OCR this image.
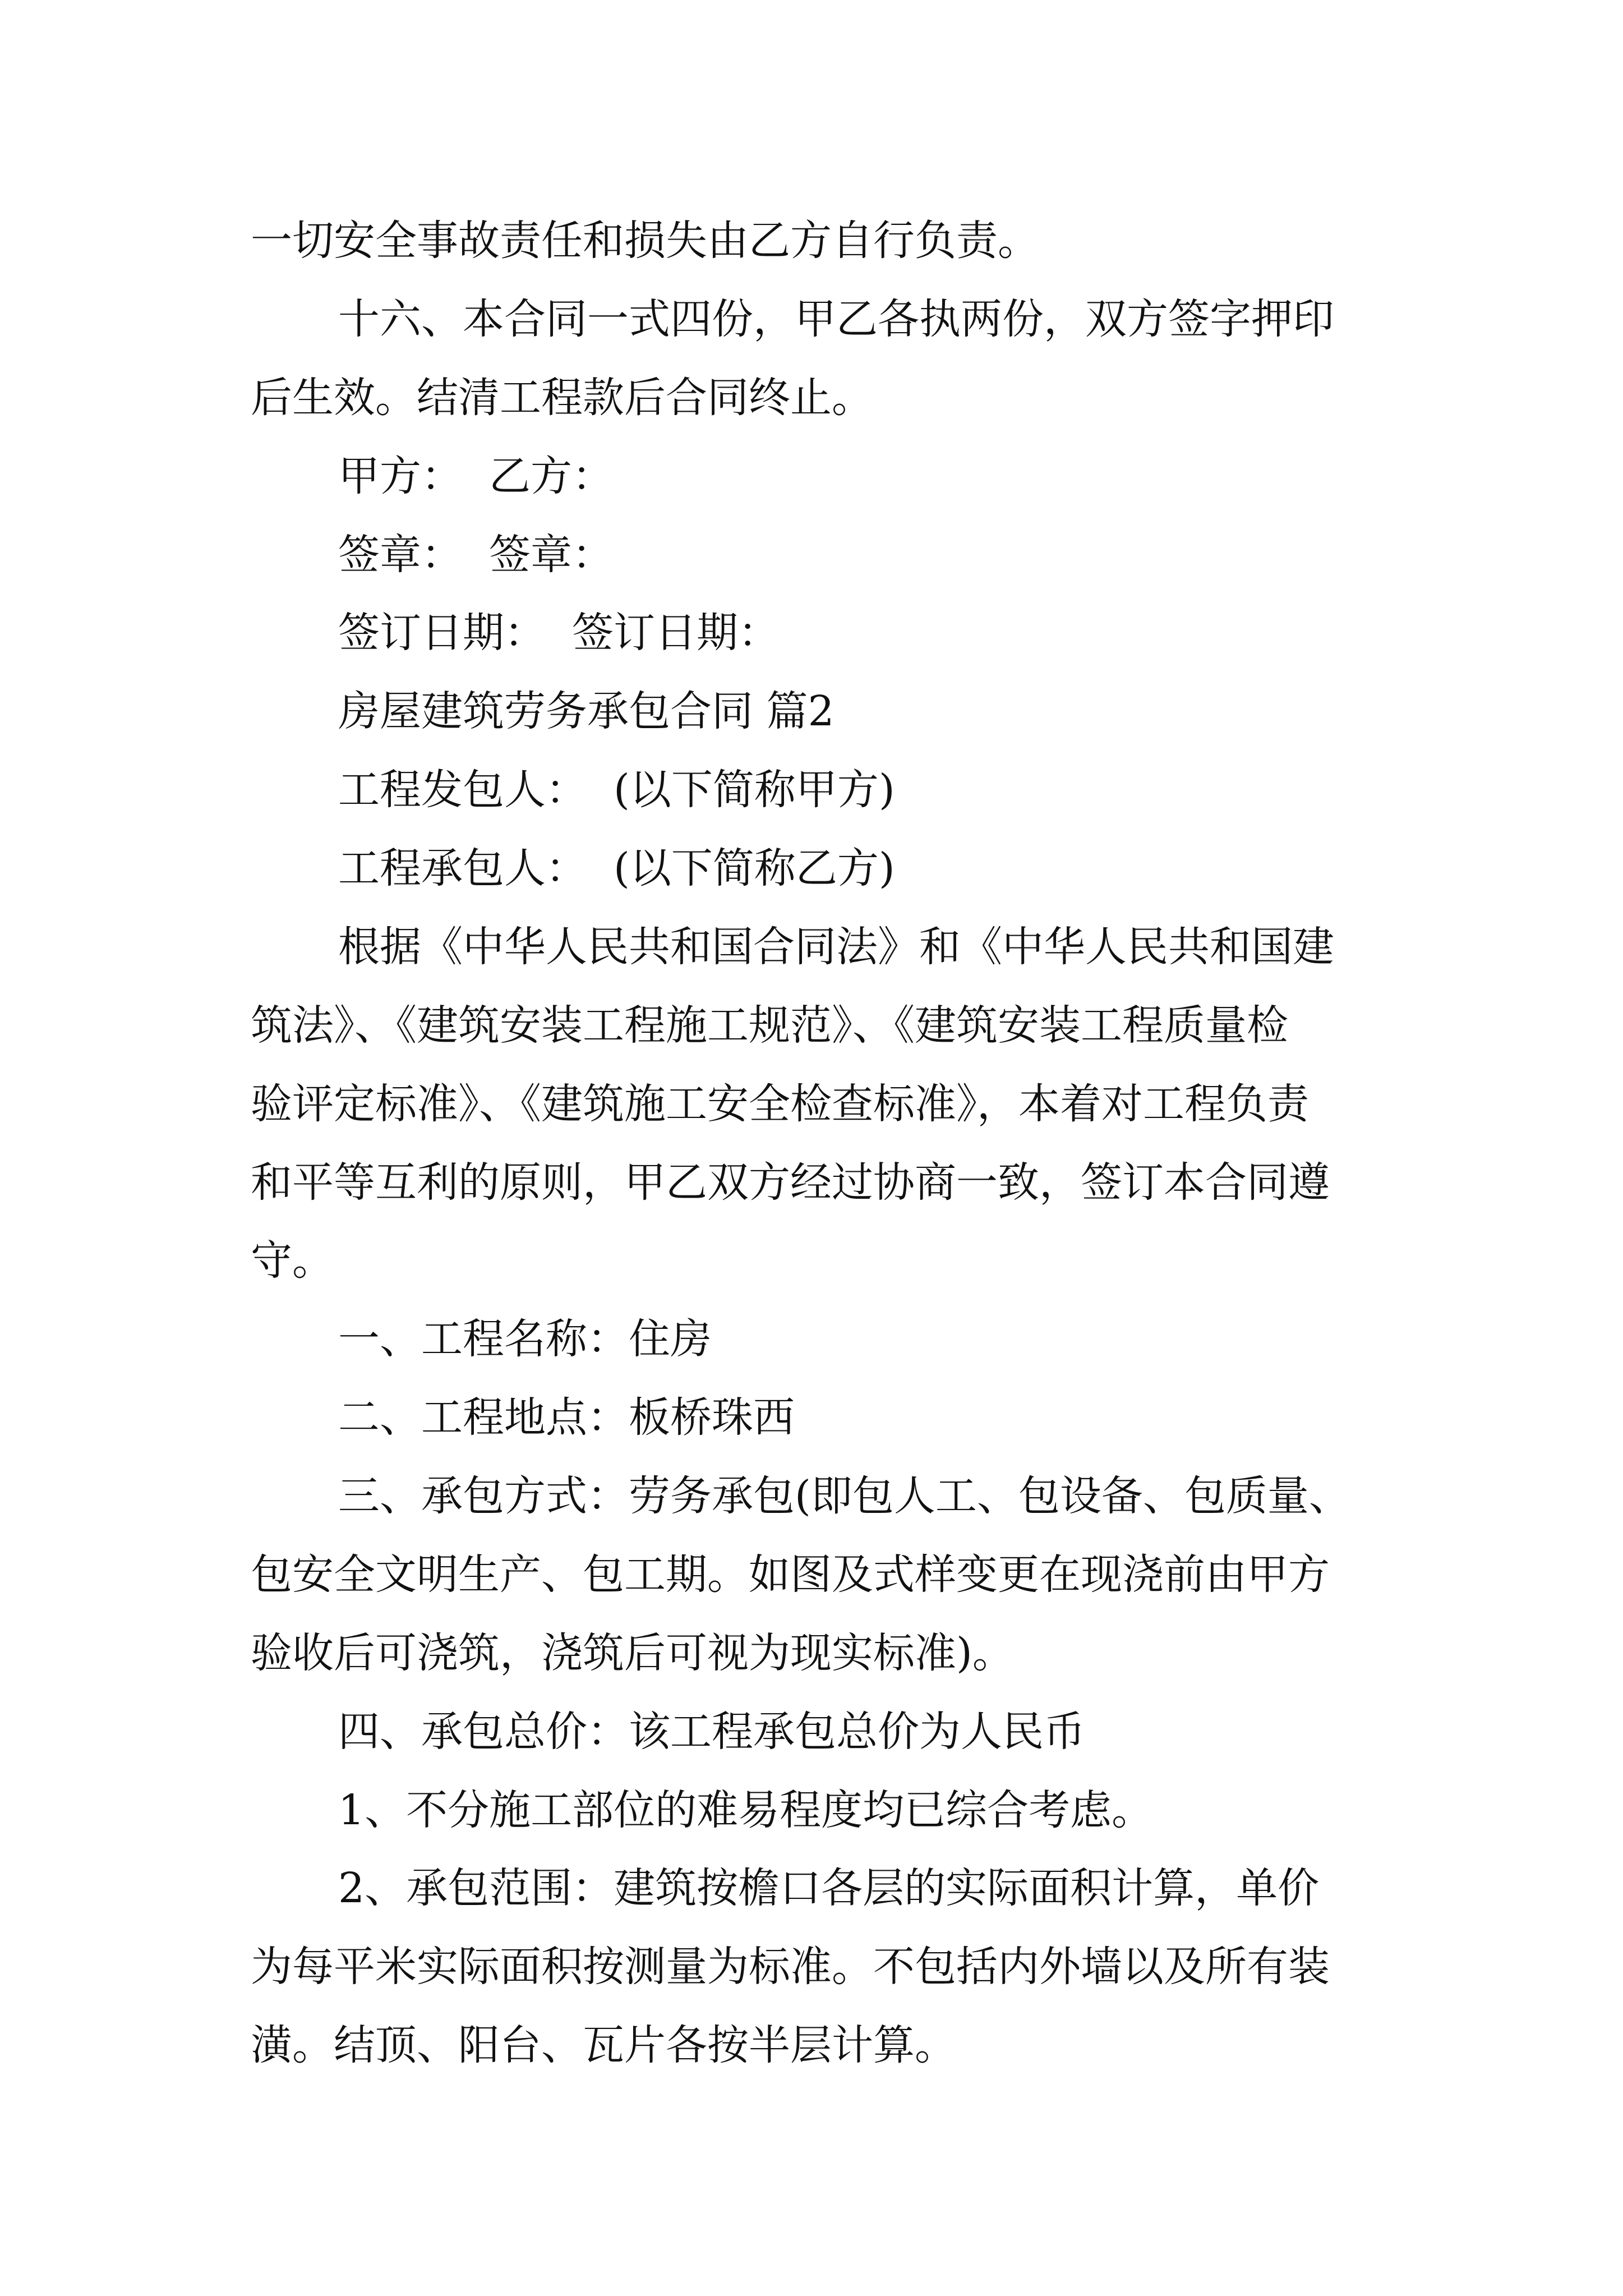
一切安全事故责任和损失由乙方自行负责。

十六、本合同一式四份，甲乙各执两份，双方签字押印

后生效。结清工程款后合同终止。

甲方：  乙方：

签章：  签章：

签订日期：  签订日期：

房屋建筑劳务承包合同 篇2

工程发包人：  (以下简称甲方)

工程承包人：  (以下简称乙方)

根据《中华人民共和国合同法》和《中华人民共和国建

筑法》、《建筑安装工程施工规范》、《建筑安装工程质量检

验评定标准》、《建筑施工安全检查标准》，本着对工程负责

和平等互利的原则，甲乙双方经过协商一致，签订本合同遵

守。

一、工程名称：住房

二、工程地点：板桥珠西

三、承包方式：劳务承包(即包人工、包设备、包质量、

包安全文明生产、包工期。如图及式样变更在现浇前由甲方

验收后可浇筑，浇筑后可视为现实标准)。

四、承包总价：该工程承包总价为人民币

1、不分施工部位的难易程度均已综合考虑。

2、承包范围：建筑按檐口各层的实际面积计算，单价

为每平米实际面积按测量为标准。不包括内外墙以及所有装

潢。结顶、阳台、瓦片各按半层计算。
